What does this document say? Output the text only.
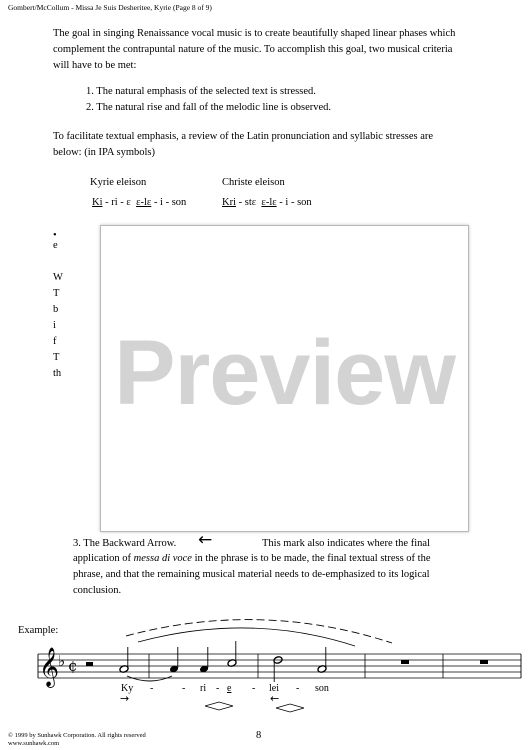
Gombert/McCollum - Missa Je Suis Desheritee, Kyrie (Page 8 of 9)
The goal in singing Renaissance vocal music is to create beautifully shaped linear phases which
complement the contrapuntal nature of the music. To accomplish this goal, two musical criteria
will have to be met:
1. The natural emphasis of the selected text is stressed.
2. The natural rise and fall of the melodic line is observed.
To facilitate textual emphasis, a review of the Latin pronunciation and syllabic stresses are
below: (in IPA symbols)
Kyrie eleison	Christe eleison
Ki - ri - ɛ  ɛ-lɛ - i - son	Kri - stɛ  ɛ-lɛ - i - son
•
e
W
T
b
i
f
T
th Preview
3. The Backward Arrow. ←	This mark also indicates where the final
application of messa di voce in the phrase is to be made, the final textual stress of the
phrase, and that the remaining musical material needs to de-emphasized to its logical
conclusion.
Example:
𝄞
♭ ¢
Ky -	- ri - e - lei - son
→	←
© 1999 by Sunhawk Corporation. All rights reserved
www.sunhawk.com
8
